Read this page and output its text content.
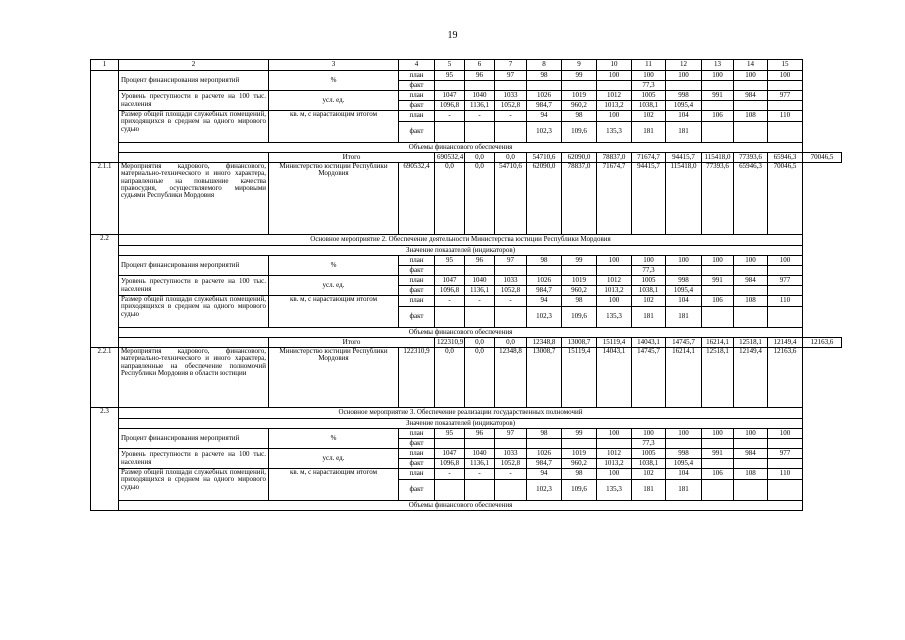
19
1	2	3	4	5	6	7	8	9	10	11	12	13	14	15	
	Процент финансирования мероприятий	%	план	95	96	97	98	99	100	100	100	100	100	100	
			факт							77,3					
	Уровень преступности в расчете на 100 тыс. населения	усл. ед.	план	1047	1040	1033	1026	1019	1012	1005	998	991	984	977	
			факт	1096,8	1136,1	1052,8	984,7	960,2	1013,2	1038,1	1095,4				
	Размер общей площади служебных помещений, приходящихся в среднем на одного мирового судью	кв. м, с нарастающим итогом	план	-	-	-	94	98	100	102	104	106	108	110	
			факт				102,3	109,6	135,3	181	181				
	Объемы финансового обеспечения														
		Итого		690532,4	0,0	0,0	54710,6	62090,0	78837,0	71674,7	94415,7	115418,0	77393,6	65946,3	70046,5
2.1.1	Мероприятия кадрового, финансового, материально-технического и иного характера, направленные на повышение качества правосудия, осуществляемого мировыми судьями Республики Мордовия	Министерство юстиции Республики Мордовия	690532,4	0,0	0,0	54710,6	62090,0	78837,0	71674,7	94415,7	115418,0	77393,6	65946,3	70046,5	
2.2	Основное мероприятие 2. Обеспечение деятельности Министерства юстиции Республики Мордовия														
	Значение показателей (индикаторов)														
	Процент финансирования мероприятий	%	план	95	96	97	98	99	100	100	100	100	100	100	
			факт							77,3					
	Уровень преступности в расчете на 100 тыс. населения	усл. ед.	план	1047	1040	1033	1026	1019	1012	1005	998	991	984	977	
			факт	1096,8	1136,1	1052,8	984,7	960,2	1013,2	1038,1	1095,4				
	Размер общей площади служебных помещений, приходящихся в среднем на одного мирового судью	кв. м, с нарастающим итогом	план	-	-	-	94	98	100	102	104	106	108	110	
			факт				102,3	109,6	135,3	181	181				
	Объемы финансового обеспечения														
		Итого		122310,9	0,0	0,0	12348,8	13008,7	15119,4	14043,1	14745,7	16214,1	12518,1	12149,4	12163,6
2.2.1	Мероприятия кадрового, финансового, материально-технического и иного характера, направленные на обеспечение полномочий Республики Мордовия в области юстиции	Министерство юстиции Республики Мордовия	122310,9	0,0	0,0	12348,8	13008,7	15119,4	14043,1	14745,7	16214,1	12518,1	12149,4	12163,6	
2.3	Основное мероприятие 3. Обеспечение реализации государственных полномочий														
	Значение показателей (индикаторов)														
	Процент финансирования мероприятий	%	план	95	96	97	98	99	100	100	100	100	100	100	
			факт							77,3					
	Уровень преступности в расчете на 100 тыс. населения	усл. ед.	план	1047	1040	1033	1026	1019	1012	1005	998	991	984	977	
			факт	1096,8	1136,1	1052,8	984,7	960,2	1013,2	1038,1	1095,4				
	Размер общей площади служебных помещений, приходящихся в среднем на одного мирового судью	кв. м, с нарастающим итогом	план	-	-	-	94	98	100	102	104	106	108	110	
			факт				102,3	109,6	135,3	181	181				
	Объемы финансового обеспечения														
